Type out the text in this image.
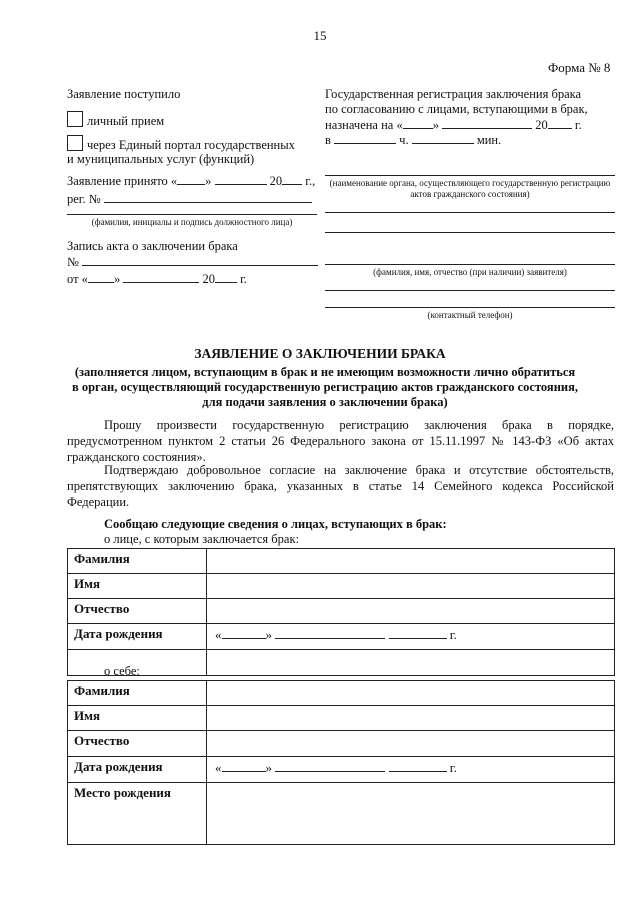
15
Форма № 8
Заявление поступило
личный прием
через Единый портал государственных
и муниципальных услуг (функций)
Заявление принято « »	20 г.,
рег. №
(фамилия, инициалы и подпись должностного лица)
Запись акта о заключении брака
№
от « »	20 г.
Государственная регистрация заключения брака
по согласованию с лицами, вступающими в брак,
назначена на « »	20 г.
в	ч.	мин.
(наименование органа, осуществляющего государственную регистрацию актов гражданского состояния)
(фамилия, имя, отчество (при наличии) заявителя)
(контактный телефон)
ЗАЯВЛЕНИЕ О ЗАКЛЮЧЕНИИ БРАКА
(заполняется лицом, вступающим в брак и не имеющим возможности лично обратиться
в орган, осуществляющий государственную регистрацию актов гражданского состояния,
для подачи заявления о заключении брака)
Прошу произвести государственную регистрацию заключения брака в порядке, предусмотренном пунктом 2 статьи 26 Федерального закона от 15.11.1997 № 143-ФЗ «Об актах гражданского состояния».
Подтверждаю добровольное согласие на заключение брака и отсутствие обстоятельств, препятствующих заключению брака, указанных в статье 14 Семейного кодекса Российской Федерации.
Сообщаю следующие сведения о лицах, вступающих в брак:
о лице, с которым заключается брак:
Фамилия	
Имя	
Отчество	
Дата рождения	« » г.

о себе:
Фамилия	
Имя	
Отчество	
Дата рождения	« » г.
Место рождения	
